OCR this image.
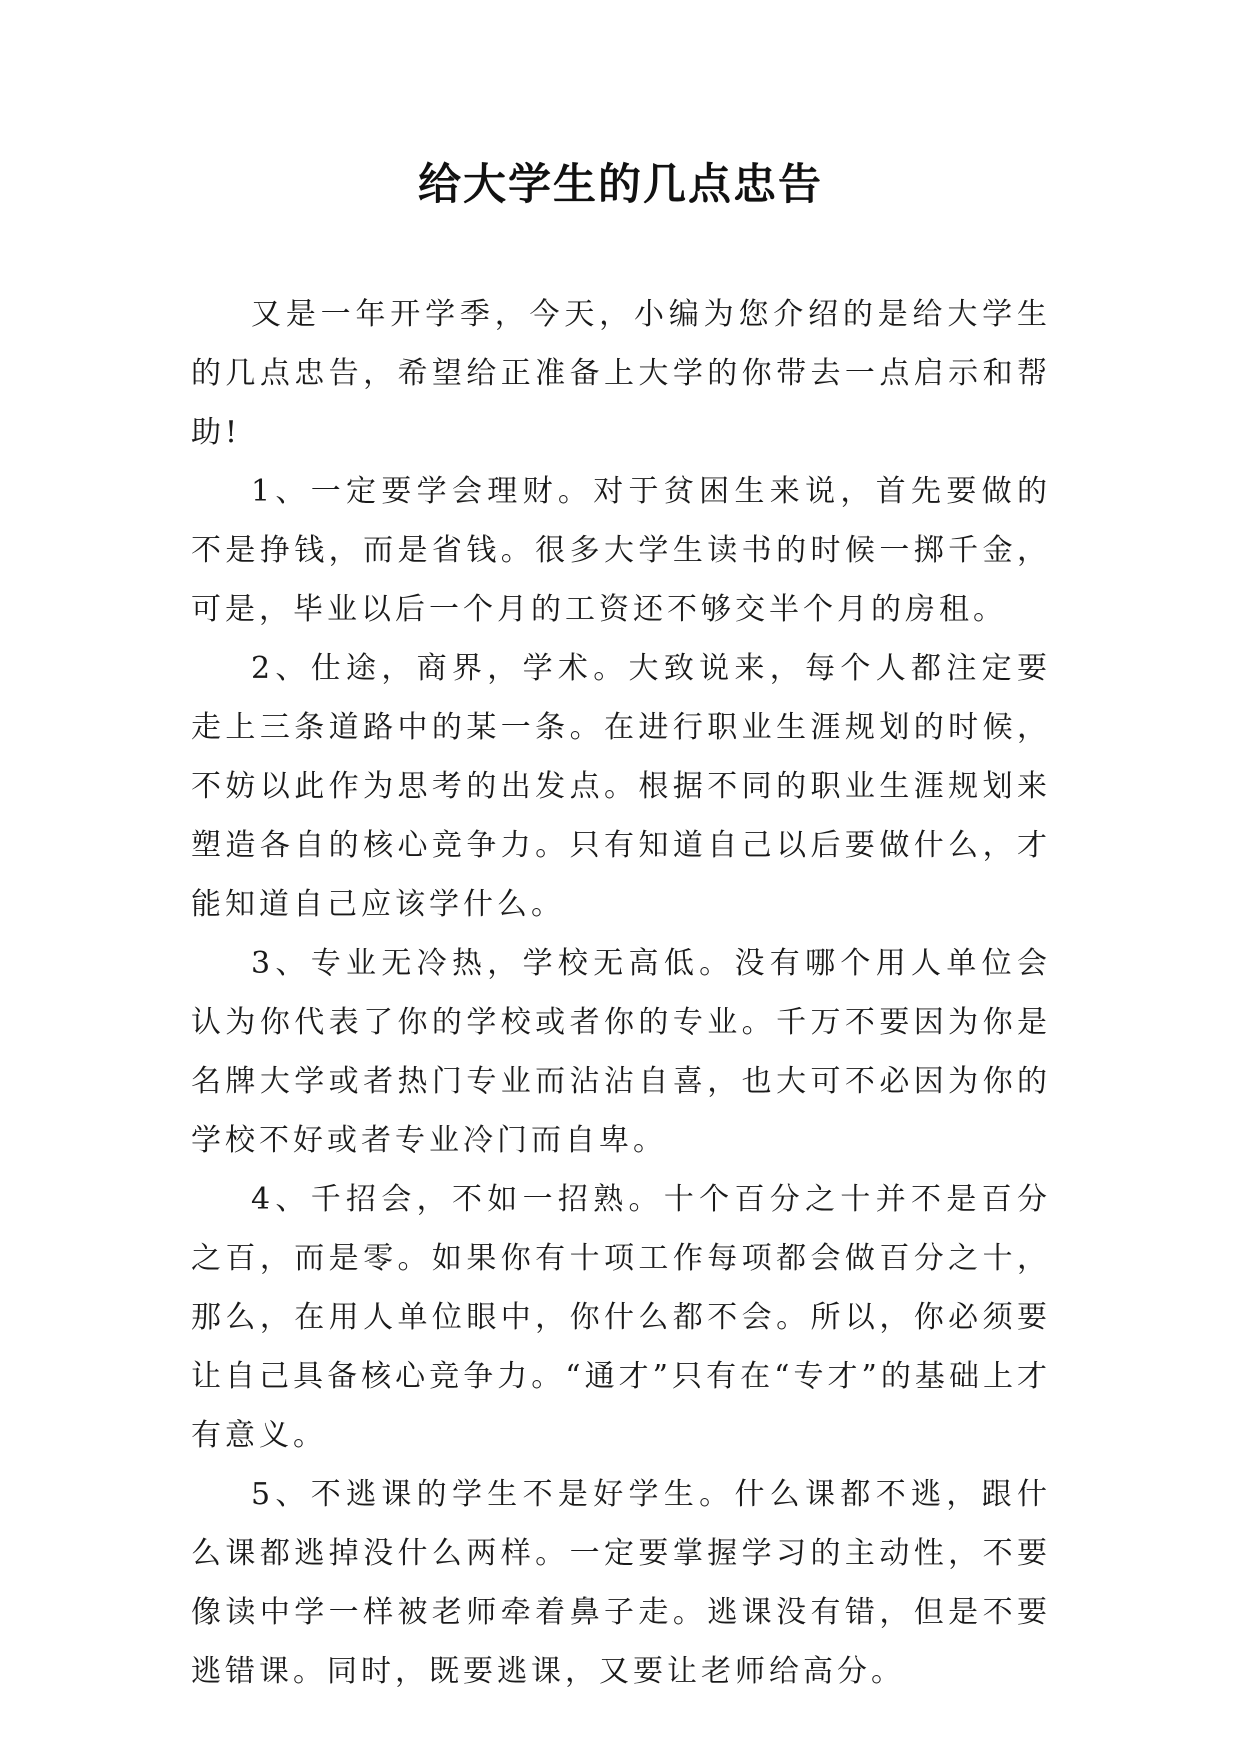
给大学生的几点忠告

又是一年开学季，今天，小编为您介绍的是给大学生的几点忠告，希望给正准备上大学的你带去一点启示和帮助!

1、一定要学会理财。对于贫困生来说，首先要做的不是挣钱，而是省钱。很多大学生读书的时候一掷千金，可是，毕业以后一个月的工资还不够交半个月的房租。

2、仕途，商界，学术。大致说来，每个人都注定要走上三条道路中的某一条。在进行职业生涯规划的时候，不妨以此作为思考的出发点。根据不同的职业生涯规划来塑造各自的核心竞争力。只有知道自己以后要做什么，才能知道自己应该学什么。

3、专业无冷热，学校无高低。没有哪个用人单位会认为你代表了你的学校或者你的专业。千万不要因为你是名牌大学或者热门专业而沾沾自喜，也大可不必因为你的学校不好或者专业冷门而自卑。

4、千招会，不如一招熟。十个百分之十并不是百分之百，而是零。如果你有十项工作每项都会做百分之十，那么，在用人单位眼中，你什么都不会。所以，你必须要让自己具备核心竞争力。“通才”只有在“专才”的基础上才有意义。

5、不逃课的学生不是好学生。什么课都不逃，跟什么课都逃掉没什么两样。一定要掌握学习的主动性，不要像读中学一样被老师牵着鼻子走。逃课没有错，但是不要逃错课。同时，既要逃课，又要让老师给高分。
